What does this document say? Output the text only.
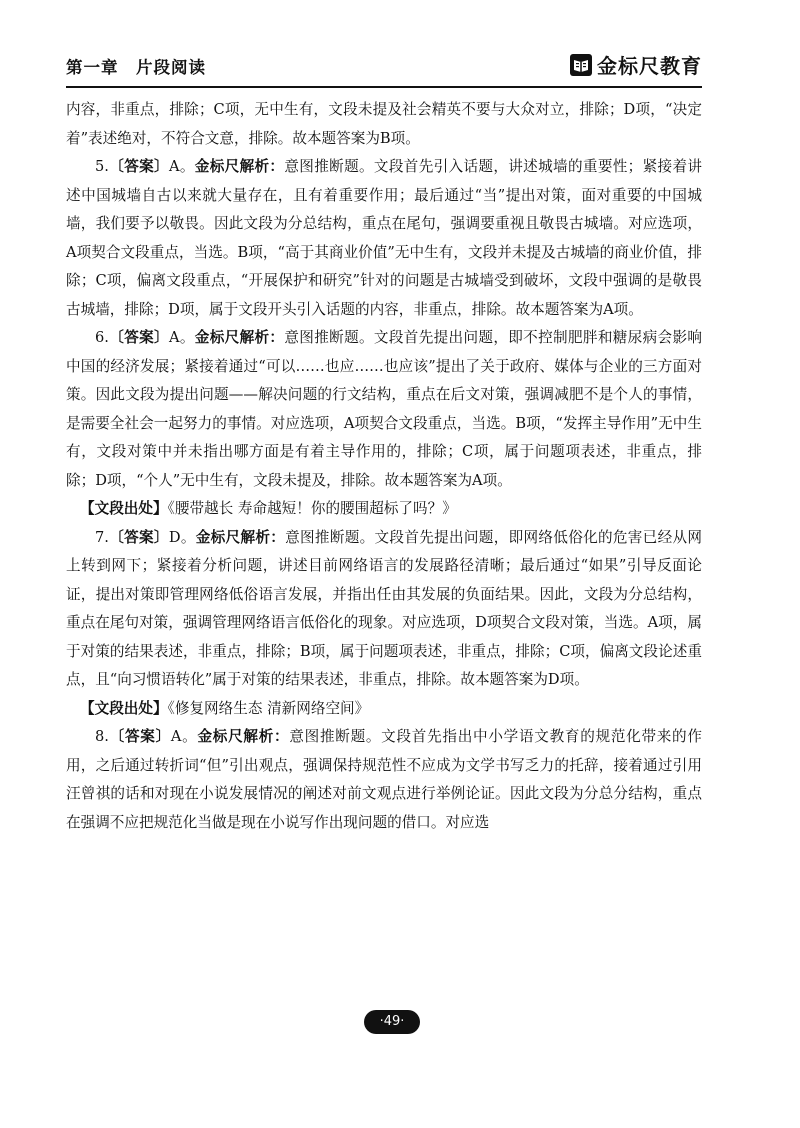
第一章　片段阅读	金标尺教育

内容，非重点，排除；C项，无中生有，文段未提及社会精英不要与大众对立，排除；D项，“决定着”表述绝对，不符合文意，排除。故本题答案为B项。

5.〔答案〕A。金标尺解析：意图推断题。文段首先引入话题，讲述城墙的重要性；紧接着讲述中国城墙自古以来就大量存在，且有着重要作用；最后通过“当”提出对策，面对重要的中国城墙，我们要予以敬畏。因此文段为分总结构，重点在尾句，强调要重视且敬畏古城墙。对应选项，A项契合文段重点，当选。B项，“高于其商业价值”无中生有，文段并未提及古城墙的商业价值，排除；C项，偏离文段重点，“开展保护和研究”针对的问题是古城墙受到破坏，文段中强调的是敬畏古城墙，排除；D项，属于文段开头引入话题的内容，非重点，排除。故本题答案为A项。

6.〔答案〕A。金标尺解析：意图推断题。文段首先提出问题，即不控制肥胖和糖尿病会影响中国的经济发展；紧接着通过“可以……也应……也应该”提出了关于政府、媒体与企业的三方面对策。因此文段为提出问题——解决问题的行文结构，重点在后文对策，强调减肥不是个人的事情，是需要全社会一起努力的事情。对应选项，A项契合文段重点，当选。B项，“发挥主导作用”无中生有，文段对策中并未指出哪方面是有着主导作用的，排除；C项，属于问题项表述，非重点，排除；D项，“个人”无中生有，文段未提及，排除。故本题答案为A项。

【文段出处】《腰带越长 寿命越短！你的腰围超标了吗？》

7.〔答案〕D。金标尺解析：意图推断题。文段首先提出问题，即网络低俗化的危害已经从网上转到网下；紧接着分析问题，讲述目前网络语言的发展路径清晰；最后通过“如果”引导反面论证，提出对策即管理网络低俗语言发展，并指出任由其发展的负面结果。因此，文段为分总结构，重点在尾句对策，强调管理网络语言低俗化的现象。对应选项，D项契合文段对策，当选。A项，属于对策的结果表述，非重点，排除；B项，属于问题项表述，非重点，排除；C项，偏离文段论述重点，且“向习惯语转化”属于对策的结果表述，非重点，排除。故本题答案为D项。

【文段出处】《修复网络生态 清新网络空间》

8.〔答案〕A。金标尺解析：意图推断题。文段首先指出中小学语文教育的规范化带来的作用，之后通过转折词“但”引出观点，强调保持规范性不应成为文学书写乏力的托辞，接着通过引用汪曾祺的话和对现在小说发展情况的阐述对前文观点进行举例论证。因此文段为分总分结构，重点在强调不应把规范化当做是现在小说写作出现问题的借口。对应选

·49·
